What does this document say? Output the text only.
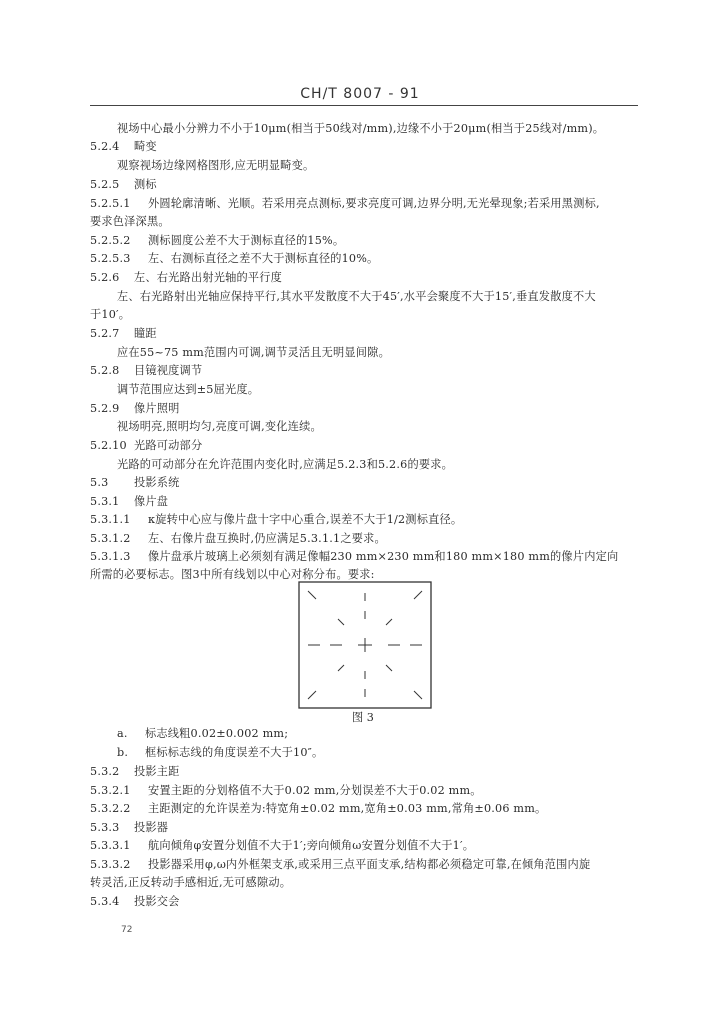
CH/T 8007 - 91
视场中心最小分辨力不小于10μm(相当于50线对/mm),边缘不小于20μm(相当于25线对/mm)。
5.2.4 畸变
观察视场边缘网格图形,应无明显畸变。
5.2.5 测标
5.2.5.1 外圆轮廓清晰、光顺。若采用亮点测标,要求亮度可调,边界分明,无光晕现象;若采用黑测标,
要求色泽深黑。
5.2.5.2 测标圆度公差不大于测标直径的15%。
5.2.5.3 左、右测标直径之差不大于测标直径的10%。
5.2.6 左、右光路出射光轴的平行度
左、右光路射出光轴应保持平行,其水平发散度不大于45′,水平会聚度不大于15′,垂直发散度不大
于10′。
5.2.7 瞳距
应在55~75 mm范围内可调,调节灵活且无明显间隙。
5.2.8 目镜视度调节
调节范围应达到±5屈光度。
5.2.9 像片照明
视场明亮,照明均匀,亮度可调,变化连续。
5.2.10 光路可动部分
光路的可动部分在允许范围内变化时,应满足5.2.3和5.2.6的要求。
5.3 投影系统
5.3.1 像片盘
5.3.1.1 κ旋转中心应与像片盘十字中心重合,误差不大于1/2测标直径。
5.3.1.2 左、右像片盘互换时,仍应满足5.3.1.1之要求。
5.3.1.3 像片盘承片玻璃上必须刻有满足像幅230 mm×230 mm和180 mm×180 mm的像片内定向
所需的必要标志。图3中所有线划以中心对称分布。要求:
图 3
a. 标志线粗0.02±0.002 mm;
b. 框标标志线的角度误差不大于10″。
5.3.2 投影主距
5.3.2.1 安置主距的分划格值不大于0.02 mm,分划误差不大于0.02 mm。
5.3.2.2 主距测定的允许误差为:特宽角±0.02 mm,宽角±0.03 mm,常角±0.06 mm。
5.3.3 投影器
5.3.3.1 航向倾角φ安置分划值不大于1′;旁向倾角ω安置分划值不大于1′。
5.3.3.2 投影器采用φ,ω内外框架支承,或采用三点平面支承,结构都必须稳定可靠,在倾角范围内旋
转灵活,正反转动手感相近,无可感隙动。
5.3.4 投影交会
72
